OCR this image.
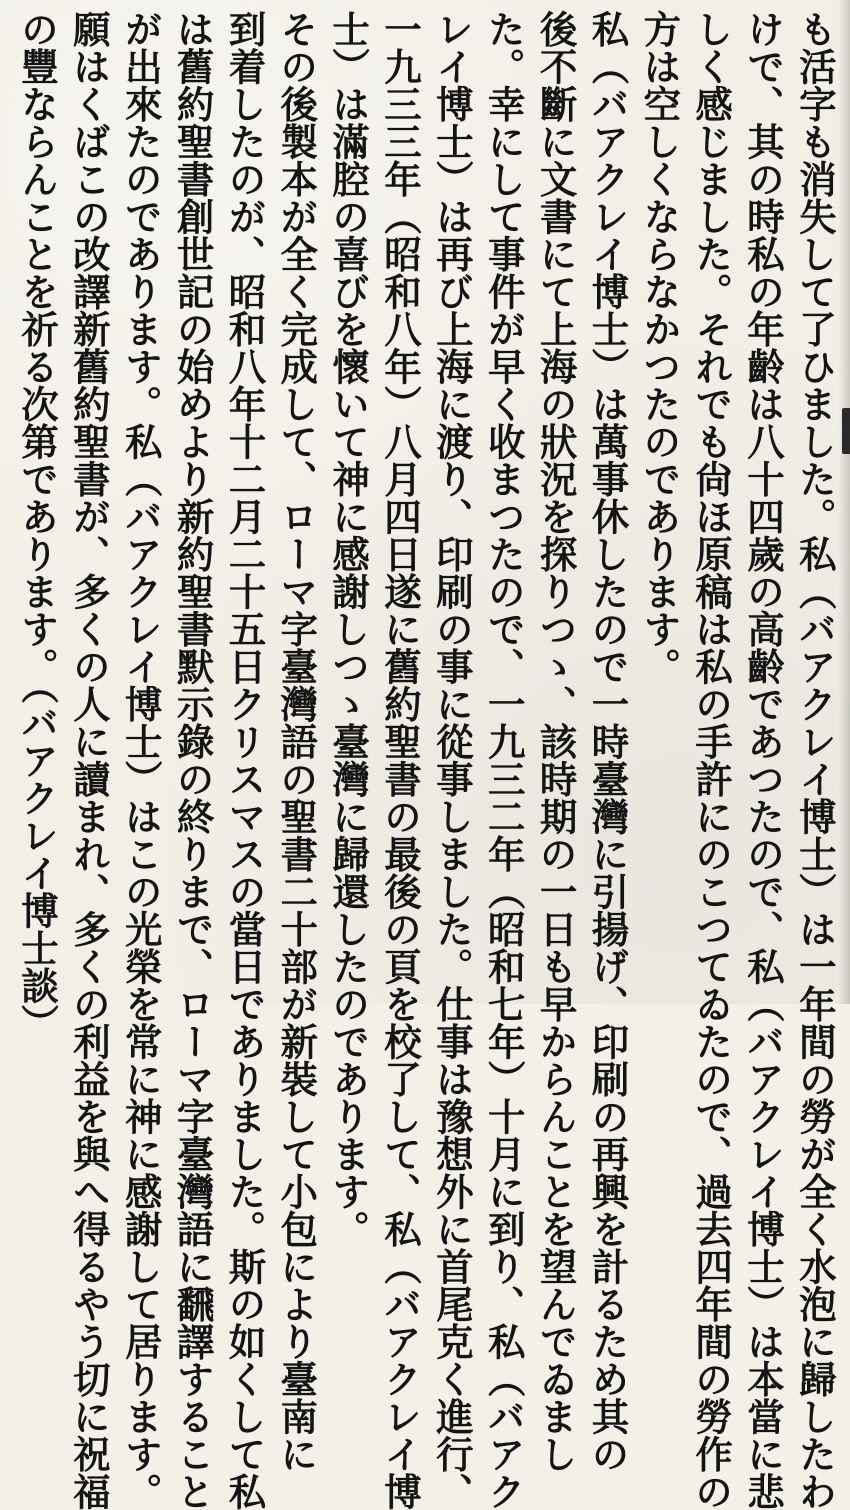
も活字も消失して了ひました。私（バアクレイ博士）は一年間の勞が全く水泡に歸したわ
けで、其の時私の年齡は八十四歲の高齡であつたので、私（バアクレイ博士）は本當に悲
しく感じました。それでも尙ほ原稿は私の手許にのこつてゐたので、過去四年間の勞作の
方は空しくならなかつたのであります。
私（バアクレイ博士）は萬事休したので一時臺灣に引揚げ、印刷の再興を計るため其の
後不斷に文書にて上海の狀況を探りつゝ、該時期の一日も早からんことを望んでゐまし
た。幸にして事件が早く收まつたので、一九三二年（昭和七年）十月に到り、私（バアク
レイ博士）は再び上海に渡り、印刷の事に從事しました。仕事は豫想外に首尾克く進行、
一九三三年（昭和八年）八月四日遂に舊約聖書の最後の頁を校了して、私（バアクレイ博
士）は滿腔の喜びを懷いて神に感謝しつゝ臺灣に歸還したのであります。
その後製本が全く完成して、ローマ字臺灣語の聖書二十部が新裝して小包により臺南に
到着したのが、昭和八年十二月二十五日クリスマスの當日でありました。斯の如くして私
は舊約聖書創世記の始めより新約聖書默示錄の終りまで、ローマ字臺灣語に飜譯すること
が出來たのであります。私（バアクレイ博士）はこの光榮を常に神に感謝して居ります。
願はくばこの改譯新舊約聖書が、多くの人に讀まれ、多くの利益を與へ得るやう切に祝福
の豐ならんことを祈る次第であります。（バアクレイ博士談）
